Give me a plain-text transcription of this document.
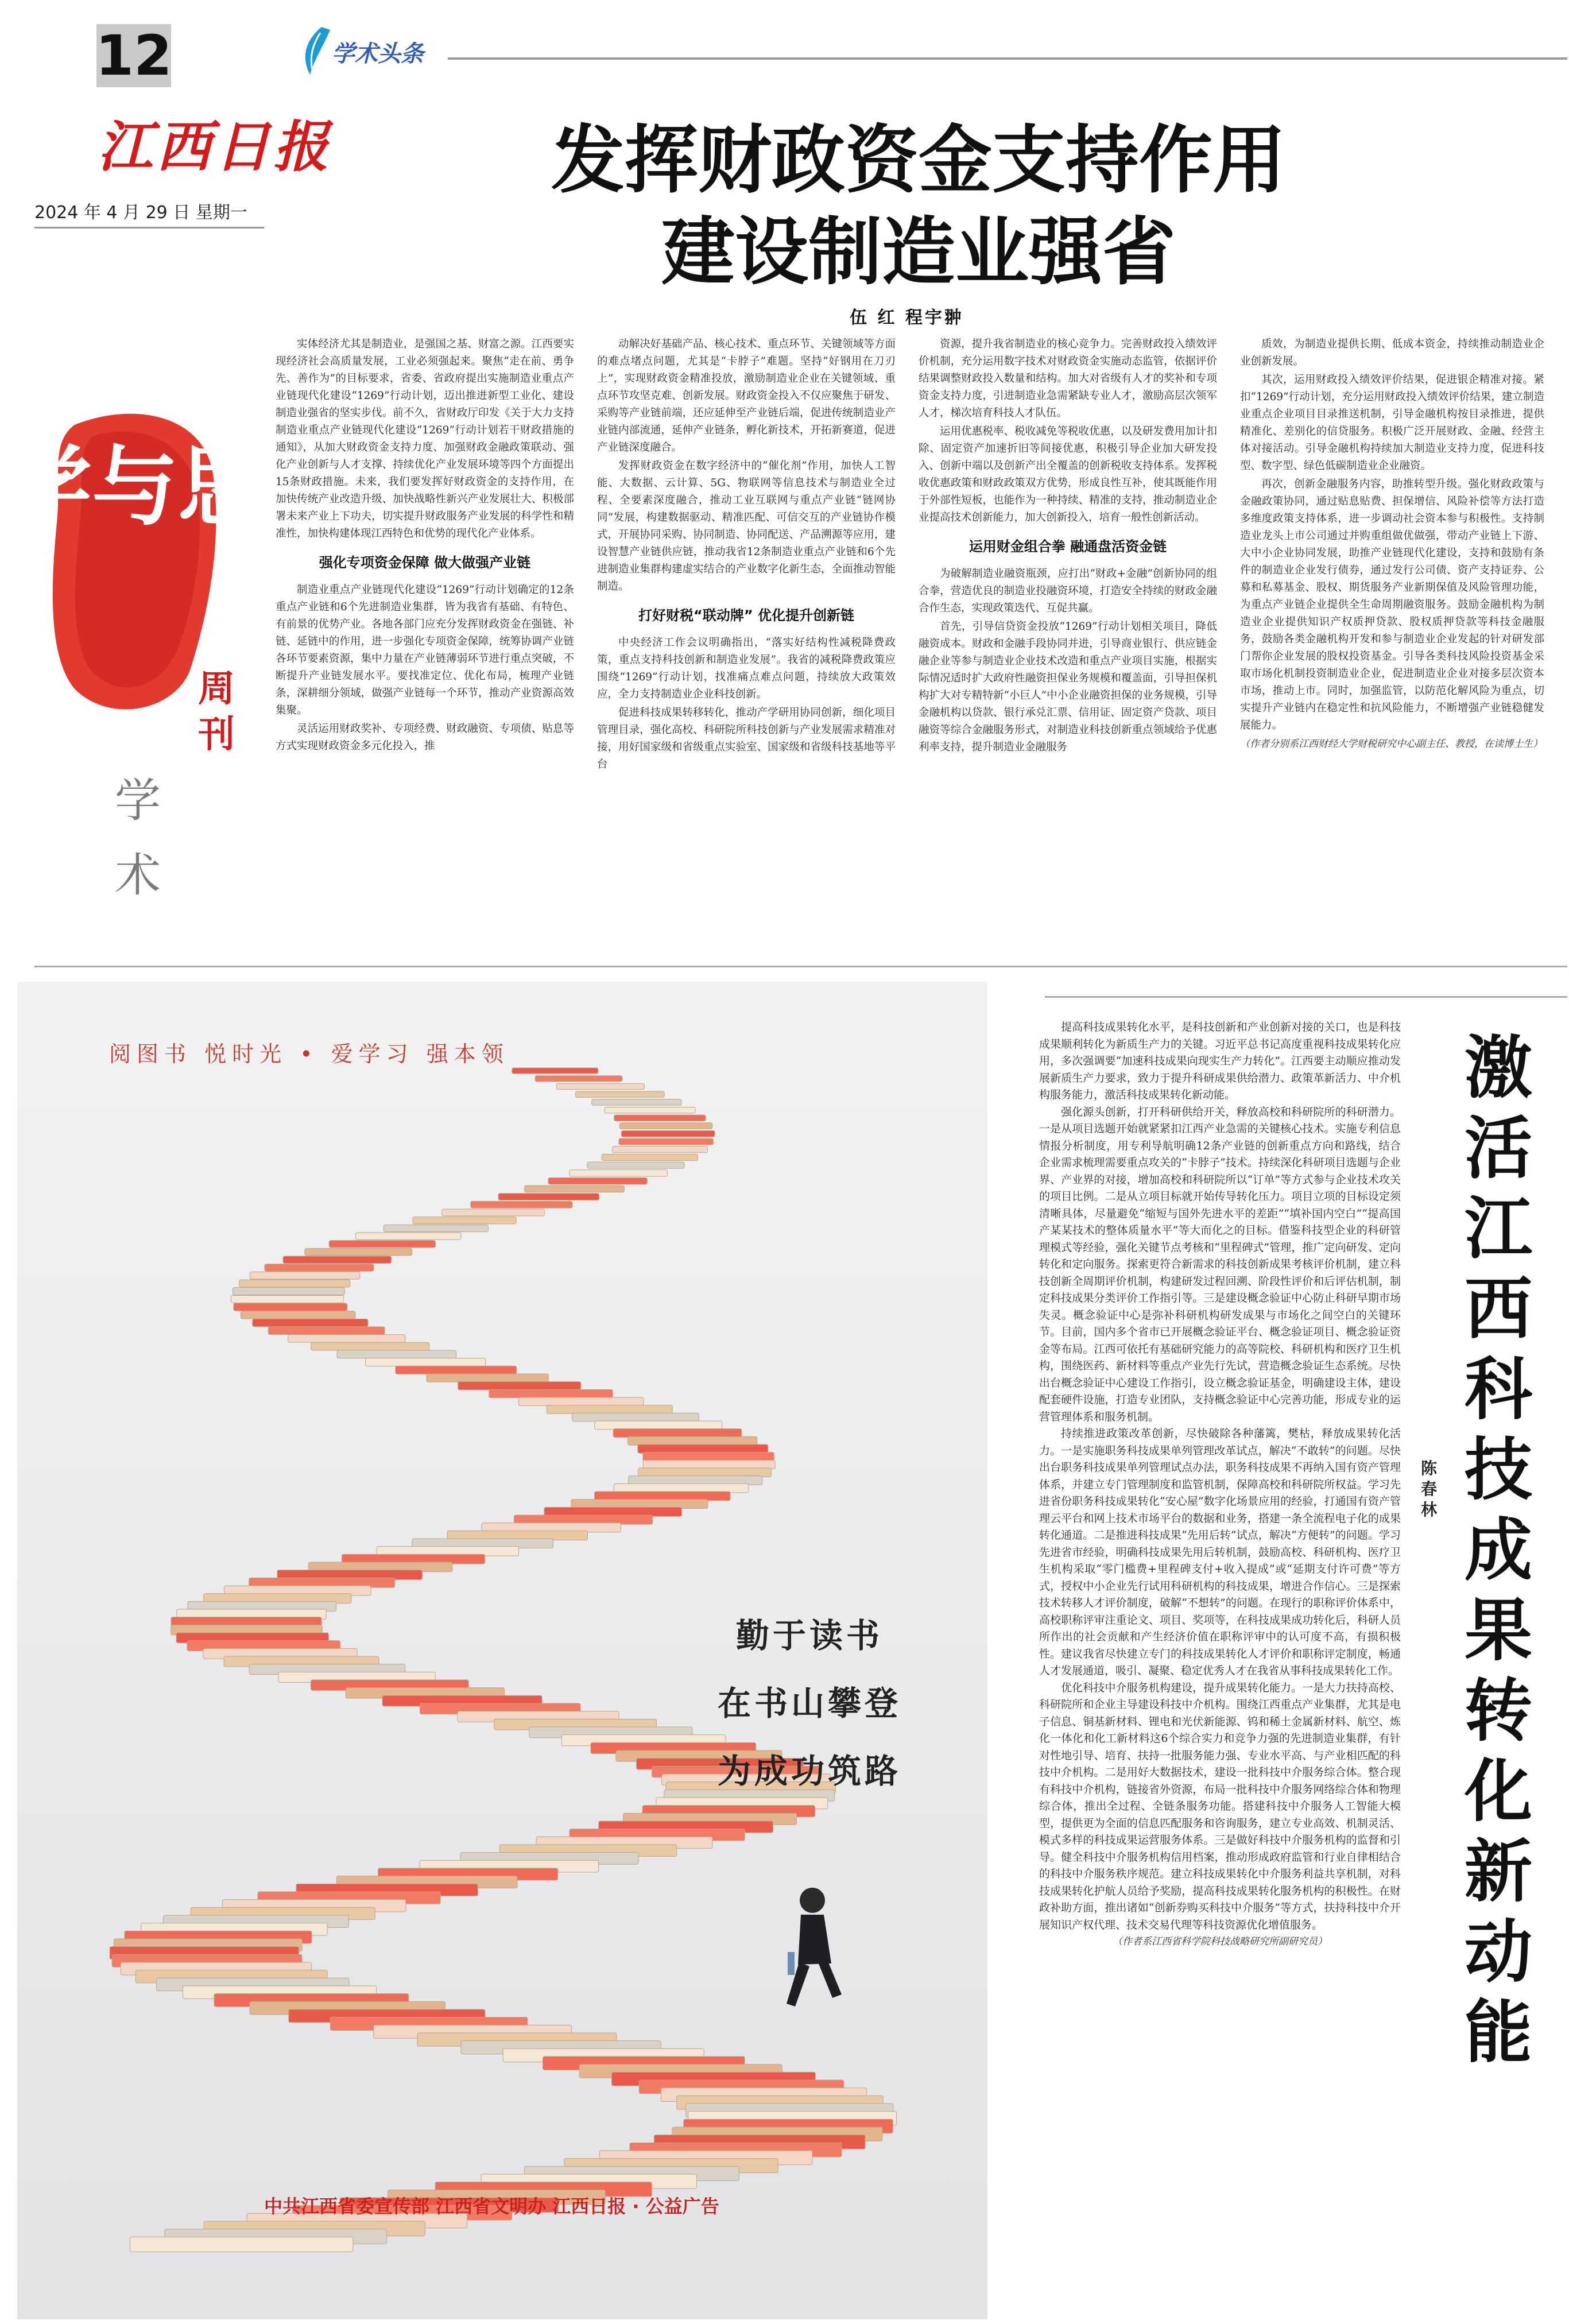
12	学术头条
江西日报
2024 年 4 月 29 日 星期一
学与思
周刊
学术
发挥财政资金支持作用
建设制造业强省
伍 红 程宇翀

实体经济尤其是制造业，是强国之基、财富之源。江西要实现经济社会高质量发展，工业必须强起来。聚焦“走在前、勇争先、善作为”的目标要求，省委、省政府提出实施制造业重点产业链现代化建设“1269”行动计划，迈出推进新型工业化、建设制造业强省的坚实步伐。前不久，省财政厅印发《关于大力支持制造业重点产业链现代化建设“1269”行动计划若干财政措施的通知》，从加大财政资金支持力度、加强财政金融政策联动、强化产业创新与人才支撑、持续优化产业发展环境等四个方面提出15条财政措施。未来，我们要发挥好财政资金的支持作用，在加快传统产业改造升级、加快战略性新兴产业发展壮大、积极部署未来产业上下功夫，切实提升财政服务产业发展的科学性和精准性，加快构建体现江西特色和优势的现代化产业体系。

强化专项资金保障 做大做强产业链

制造业重点产业链现代化建设“1269”行动计划确定的12条重点产业链和6个先进制造业集群，皆为我省有基础、有特色、有前景的优势产业。各地各部门应充分发挥财政资金在强链、补链、延链中的作用，进一步强化专项资金保障，统筹协调产业链各环节要素资源，集中力量在产业链薄弱环节进行重点突破，不断提升产业链发展水平。要找准定位、优化布局，梳理产业链条，深耕细分领域，做强产业链每一个环节，推动产业资源高效集聚。

灵活运用财政奖补、专项经费、财政融资、专项债、贴息等方式实现财政资金多元化投入，推

动解决好基础产品、核心技术、重点环节、关键领域等方面的难点堵点问题，尤其是“卡脖子”难题。坚持“好钢用在刀刃上”，实现财政资金精准投放，激励制造业企业在关键领域、重点环节攻坚克难、创新发展。财政资金投入不仅应聚焦于研发、采购等产业链前端，还应延伸至产业链后端，促进传统制造业产业链内部流通，延伸产业链条，孵化新技术，开拓新赛道，促进产业链深度融合。

发挥财政资金在数字经济中的“催化剂”作用，加快人工智能、大数据、云计算、5G、物联网等信息技术与制造业全过程、全要素深度融合，推动工业互联网与重点产业链“链网协同”发展，构建数据驱动、精准匹配、可信交互的产业链协作模式，开展协同采购、协同制造、协同配送、产品溯源等应用，建设智慧产业链供应链，推动我省12条制造业重点产业链和6个先进制造业集群构建虚实结合的产业数字化新生态，全面推动智能制造。

打好财税“联动牌” 优化提升创新链

中央经济工作会议明确指出，“落实好结构性减税降费政策，重点支持科技创新和制造业发展”。我省的减税降费政策应围绕“1269”行动计划，找准痛点难点问题，持续放大政策效应，全力支持制造业企业科技创新。

促进科技成果转移转化，推动产学研用协同创新，细化项目管理目录，强化高校、科研院所科技创新与产业发展需求精准对接，用好国家级和省级重点实验室、国家级和省级科技基地等平台

资源，提升我省制造业的核心竞争力。完善财政投入绩效评价机制，充分运用数字技术对财政资金实施动态监管，依据评价结果调整财政投入数量和结构。加大对省级有人才的奖补和专项资金支持力度，引进制造业急需紧缺专业人才，激励高层次领军人才，梯次培育科技人才队伍。

运用优惠税率、税收减免等税收优惠，以及研发费用加计扣除、固定资产加速折旧等间接优惠，积极引导企业加大研发投入、创新中端以及创新产出全覆盖的创新税收支持体系。发挥税收优惠政策和财政政策双方优势，形成良性互补，使其既能作用于外部性短板，也能作为一种持续、精准的支持，推动制造业企业提高技术创新能力，加大创新投入，培育一般性创新活动。

运用财金组合拳 融通盘活资金链

为破解制造业融资瓶颈，应打出“财政+金融”创新协同的组合拳，营造优良的制造业投融资环境，打造安全持续的财政金融合作生态，实现政策迭代、互促共赢。

首先，引导信贷资金投放“1269”行动计划相关项目，降低融资成本。财政和金融手段协同并进，引导商业银行、供应链金融企业等参与制造业企业技术改造和重点产业项目实施，根据实际情况适时扩大政府性融资担保业务规模和覆盖面，引导担保机构扩大对专精特新“小巨人”中小企业融资担保的业务规模，引导金融机构以贷款、银行承兑汇票、信用证、固定资产贷款、项目融资等综合金融服务形式，对制造业科技创新重点领域给予优惠利率支持，提升制造业金融服务

质效，为制造业提供长期、低成本资金，持续推动制造业企业创新发展。

其次，运用财政投入绩效评价结果，促进银企精准对接。紧扣“1269”行动计划，充分运用财政投入绩效评价结果，建立制造业重点企业项目目录推送机制，引导金融机构按目录推进，提供精准化、差别化的信贷服务。积极广泛开展财政、金融、经营主体对接活动。引导金融机构持续加大制造业支持力度，促进科技型、数字型、绿色低碳制造业企业融资。

再次，创新金融服务内容，助推转型升级。强化财政政策与金融政策协同，通过贴息贴费、担保增信、风险补偿等方法打造多维度政策支持体系，进一步调动社会资本参与积极性。支持制造业龙头上市公司通过并购重组做优做强，带动产业链上下游、大中小企业协同发展，助推产业链现代化建设，支持和鼓励有条件的制造业企业发行债券，通过发行公司债、资产支持证券、公募和私募基金、股权、期货服务产业新期保值及风险管理功能，为重点产业链企业提供全生命周期融资服务。鼓励金融机构为制造业企业提供知识产权质押贷款、股权质押贷款等科技金融服务，鼓励各类金融机构开发和参与制造业企业发起的针对研发部门帮你企业发展的股权投资基金。引导各类科技风险投资基金采取市场化机制投资制造业企业，促进制造业企业对接多层次资本市场，推动上市。同时，加强监管，以防范化解风险为重点，切实提升产业链内在稳定性和抗风险能力，不断增强产业链稳健发展能力。

（作者分别系江西财经大学财税研究中心副主任、教授，在读博士生）

阅图书 悦时光 • 爱学习 强本领
勤于读书
在书山攀登
为成功筑路
中共江西省委宣传部 江西省文明办 江西日报 · 公益广告
激活江西科技成果转化新动能
陈春林

提高科技成果转化水平，是科技创新和产业创新对接的关口，也是科技成果顺利转化为新质生产力的关键。习近平总书记高度重视科技成果转化应用，多次强调要“加速科技成果向现实生产力转化”。江西要主动顺应推动发展新质生产力要求，致力于提升科研成果供给潜力、政策革新活力、中介机构服务能力，激活科技成果转化新动能。

强化源头创新，打开科研供给开关，释放高校和科研院所的科研潜力。一是从项目选题开始就紧紧扣江西产业急需的关键核心技术。实施专利信息情报分析制度，用专利导航明确12条产业链的创新重点方向和路线，结合企业需求梳理需要重点攻关的“卡脖子”技术。持续深化科研项目选题与企业界、产业界的对接，增加高校和科研院所以“订单”等方式参与企业技术攻关的项目比例。二是从立项目标就开始传导转化压力。项目立项的目标设定须清晰具体，尽量避免“缩短与国外先进水平的差距”“填补国内空白”“提高国产某某技术的整体质量水平”等大而化之的目标。借鉴科技型企业的科研管理模式等经验，强化关键节点考核和“里程碑式”管理，推广定向研发、定向转化和定向服务。探索更符合新需求的科技创新成果考核评价机制，建立科技创新全周期评价机制，构建研发过程回溯、阶段性评价和后评估机制，制定科技成果分类评价工作指引等。三是建设概念验证中心防止科研早期市场失灵。概念验证中心是弥补科研机构研发成果与市场化之间空白的关键环节。目前，国内多个省市已开展概念验证平台、概念验证项目、概念验证资金等布局。江西可依托有基础研究能力的高等院校、科研机构和医疗卫生机构，围绕医药、新材料等重点产业先行先试，营造概念验证生态系统。尽快出台概念验证中心建设工作指引，设立概念验证基金，明确建设主体，建设配套硬件设施，打造专业团队，支持概念验证中心完善功能，形成专业的运营管理体系和服务机制。

持续推进政策改革创新，尽快破除各种藩篱，樊枯，释放成果转化活力。一是实施职务科技成果单列管理改革试点，解决“不敢转”的问题。尽快出台职务科技成果单列管理试点办法，职务科技成果不再纳入国有资产管理体系，并建立专门管理制度和监管机制，保障高校和科研院所权益。学习先进省份职务科技成果转化“安心屋”数字化场景应用的经验，打通国有资产管理云平台和网上技术市场平台的数据和业务，搭建一条全流程电子化的成果转化通道。二是推进科技成果“先用后转”试点，解决“方便转”的问题。学习先进省市经验，明确科技成果先用后转机制，鼓励高校、科研机构、医疗卫生机构采取“零门槛费+里程碑支付+收入提成”或“延期支付许可费”等方式，授权中小企业先行试用科研机构的科技成果，增进合作信心。三是探索技术转移人才评价制度，破解“不想转”的问题。在现行的职称评价体系中，高校职称评审注重论文、项目、奖项等，在科技成果成功转化后，科研人员所作出的社会贡献和产生经济价值在职称评审中的认可度不高，有损积极性。建议我省尽快建立专门的科技成果转化人才评价和职称评定制度，畅通人才发展通道，吸引、凝聚、稳定优秀人才在我省从事科技成果转化工作。

优化科技中介服务机构建设，提升成果转化能力。一是大力扶持高校、科研院所和企业主导建设科技中介机构。围绕江西重点产业集群，尤其是电子信息、铜基新材料、锂电和光伏新能源、钨和稀土金属新材料、航空、炼化一体化和化工新材料这6个综合实力和竞争力强的先进制造业集群，有针对性地引导、培育、扶持一批服务能力强、专业水平高、与产业相匹配的科技中介机构。二是用好大数据技术，建设一批科技中介服务综合体。整合现有科技中介机构，链接省外资源，布局一批科技中介服务网络综合体和物理综合体，推出全过程、全链条服务功能。搭建科技中介服务人工智能大模型，提供更为全面的信息匹配服务和咨询服务，建立专业高效、机制灵活、模式多样的科技成果运营服务体系。三是做好科技中介服务机构的监督和引导。健全科技中介服务机构信用档案，推动形成政府监管和行业自律相结合的科技中介服务秩序规范。建立科技成果转化中介服务利益共享机制，对科技成果转化护航人员给予奖励，提高科技成果转化服务机构的积极性。在财政补助方面，推出诸如“创新券购买科技中介服务”等方式，扶持科技中介开展知识产权代理、技术交易代理等科技资源优化增值服务。

（作者系江西省科学院科技战略研究所副研究员）
